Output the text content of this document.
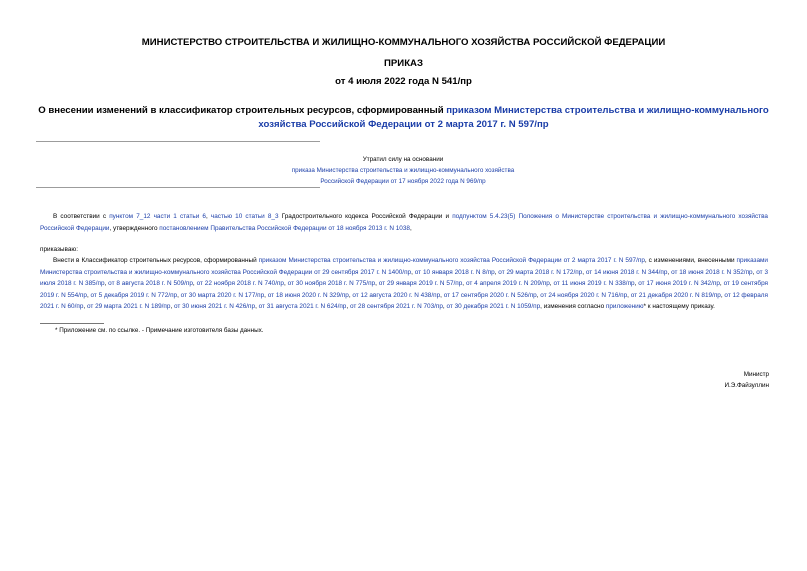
МИНИСТЕРСТВО СТРОИТЕЛЬСТВА И ЖИЛИЩНО-КОММУНАЛЬНОГО ХОЗЯЙСТВА РОССИЙСКОЙ ФЕДЕРАЦИИ
ПРИКАЗ
от 4 июля 2022 года N 541/пр
О внесении изменений в классификатор строительных ресурсов, сформированный приказом Министерства строительства и жилищно-коммунального хозяйства Российской Федерации от 2 марта 2017 г. N 597/пр
Утратил силу на основании
приказа Министерства строительства и жилищно-коммунального хозяйства
Российской Федерации от 17 ноября 2022 года N 969/пр
В соответствии с пунктом 7_12 части 1 статьи 6, частью 10 статьи 8_3 Градостроительного кодекса Российской Федерации и подпунктом 5.4.23(5) Положения о Министерстве строительства и жилищно-коммунального хозяйства Российской Федерации, утвержденного постановлением Правительства Российской Федерации от 18 ноября 2013 г. N 1038,
приказываю:
Внести в Классификатор строительных ресурсов, сформированный приказом Министерства строительства и жилищно-коммунального хозяйства Российской Федерации от 2 марта 2017 г. N 597/пр, с изменениями, внесенными приказами Министерства строительства и жилищно-коммунального хозяйства Российской Федерации от 29 сентября 2017 г. N 1400/пр, от 10 января 2018 г. N 8/пр, от 29 марта 2018 г. N 172/пр, от 14 июня 2018 г. N 344/пр, от 18 июня 2018 г. N 352/пр, от 3 июля 2018 г. N 385/пр, от 8 августа 2018 г. N 509/пр, от 22 ноября 2018 г. N 740/пр, от 30 ноября 2018 г. N 775/пр, от 29 января 2019 г. N 57/пр, от 4 апреля 2019 г. N 209/пр, от 11 июня 2019 г. N 338/пр, от 17 июня 2019 г. N 342/пр, от 19 сентября 2019 г. N 554/пр, от 5 декабря 2019 г. N 772/пр, от 30 марта 2020 г. N 177/пр, от 18 июня 2020 г. N 329/пр, от 12 августа 2020 г. N 438/пр, от 17 сентября 2020 г. N 526/пр, от 24 ноября 2020 г. N 716/пр, от 21 декабря 2020 г. N 819/пр, от 12 февраля 2021 г. N 60/пр, от 29 марта 2021 г. N 189/пр, от 30 июня 2021 г. N 426/пр, от 31 августа 2021 г. N 624/пр, от 28 сентября 2021 г. N 703/пр, от 30 декабря 2021 г. N 1059/пр, изменения согласно приложению* к настоящему приказу.
* Приложение см. по ссылке. - Примечание изготовителя базы данных.
Министр
И.Э.Файзуллин
